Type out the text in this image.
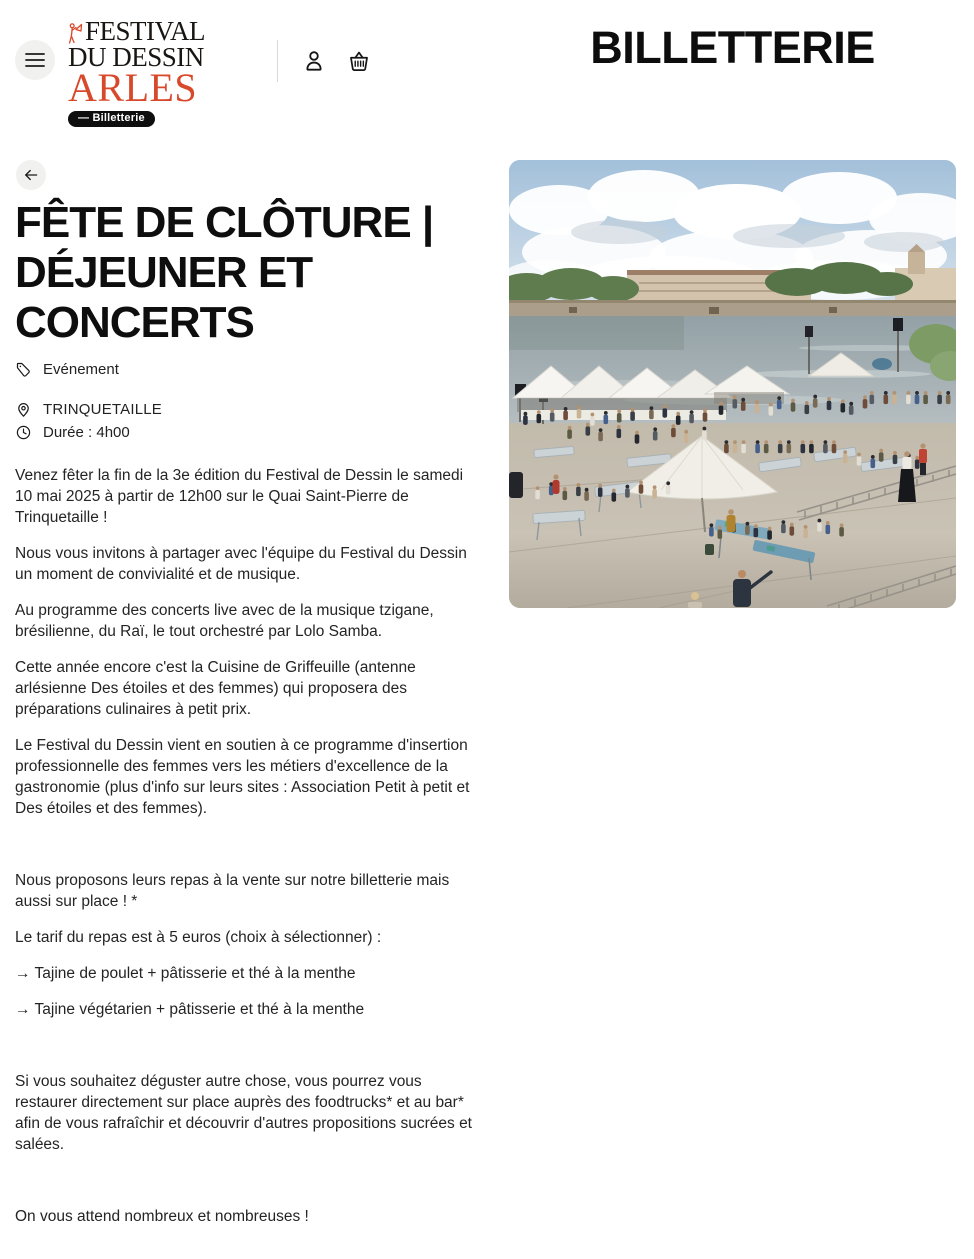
FESTIVAL
DU DESSIN
ARLES
— Billetterie
BILLETTERIE
FÊTE DE CLÔTURE | DÉJEUNER ET CONCERTS
Evénement
TRINQUETAILLE
Durée : 4h00

Venez fêter la fin de la 3e édition du Festival de Dessin le samedi 10 mai 2025 à partir de 12h00 sur le Quai Saint-Pierre de Trinquetaille !

Nous vous invitons à partager avec l'équipe du Festival du Dessin un moment de convivialité et de musique.

Au programme des concerts live avec de la musique tzigane, brésilienne, du Raï, le tout orchestré par Lolo Samba.

Cette année encore c'est la Cuisine de Griffeuille (antenne arlésienne Des étoiles et des femmes) qui proposera des préparations culinaires à petit prix.

Le Festival du Dessin vient en soutien à ce programme d'insertion professionnelle des femmes vers les métiers d'excellence de la gastronomie (plus d'info sur leurs sites : Association Petit à petit et Des étoiles et des femmes).

Nous proposons leurs repas à la vente sur notre billetterie mais aussi sur place ! *

Le tarif du repas est à 5 euros (choix à sélectionner) :

→ Tajine de poulet + pâtisserie et thé à la menthe

→ Tajine végétarien + pâtisserie et thé à la menthe

Si vous souhaitez déguster autre chose, vous pourrez vous restaurer directement sur place auprès des foodtrucks* et au bar* afin de vous rafraîchir et découvrir d'autres propositions sucrées et salées.

On vous attend nombreux et nombreuses !
